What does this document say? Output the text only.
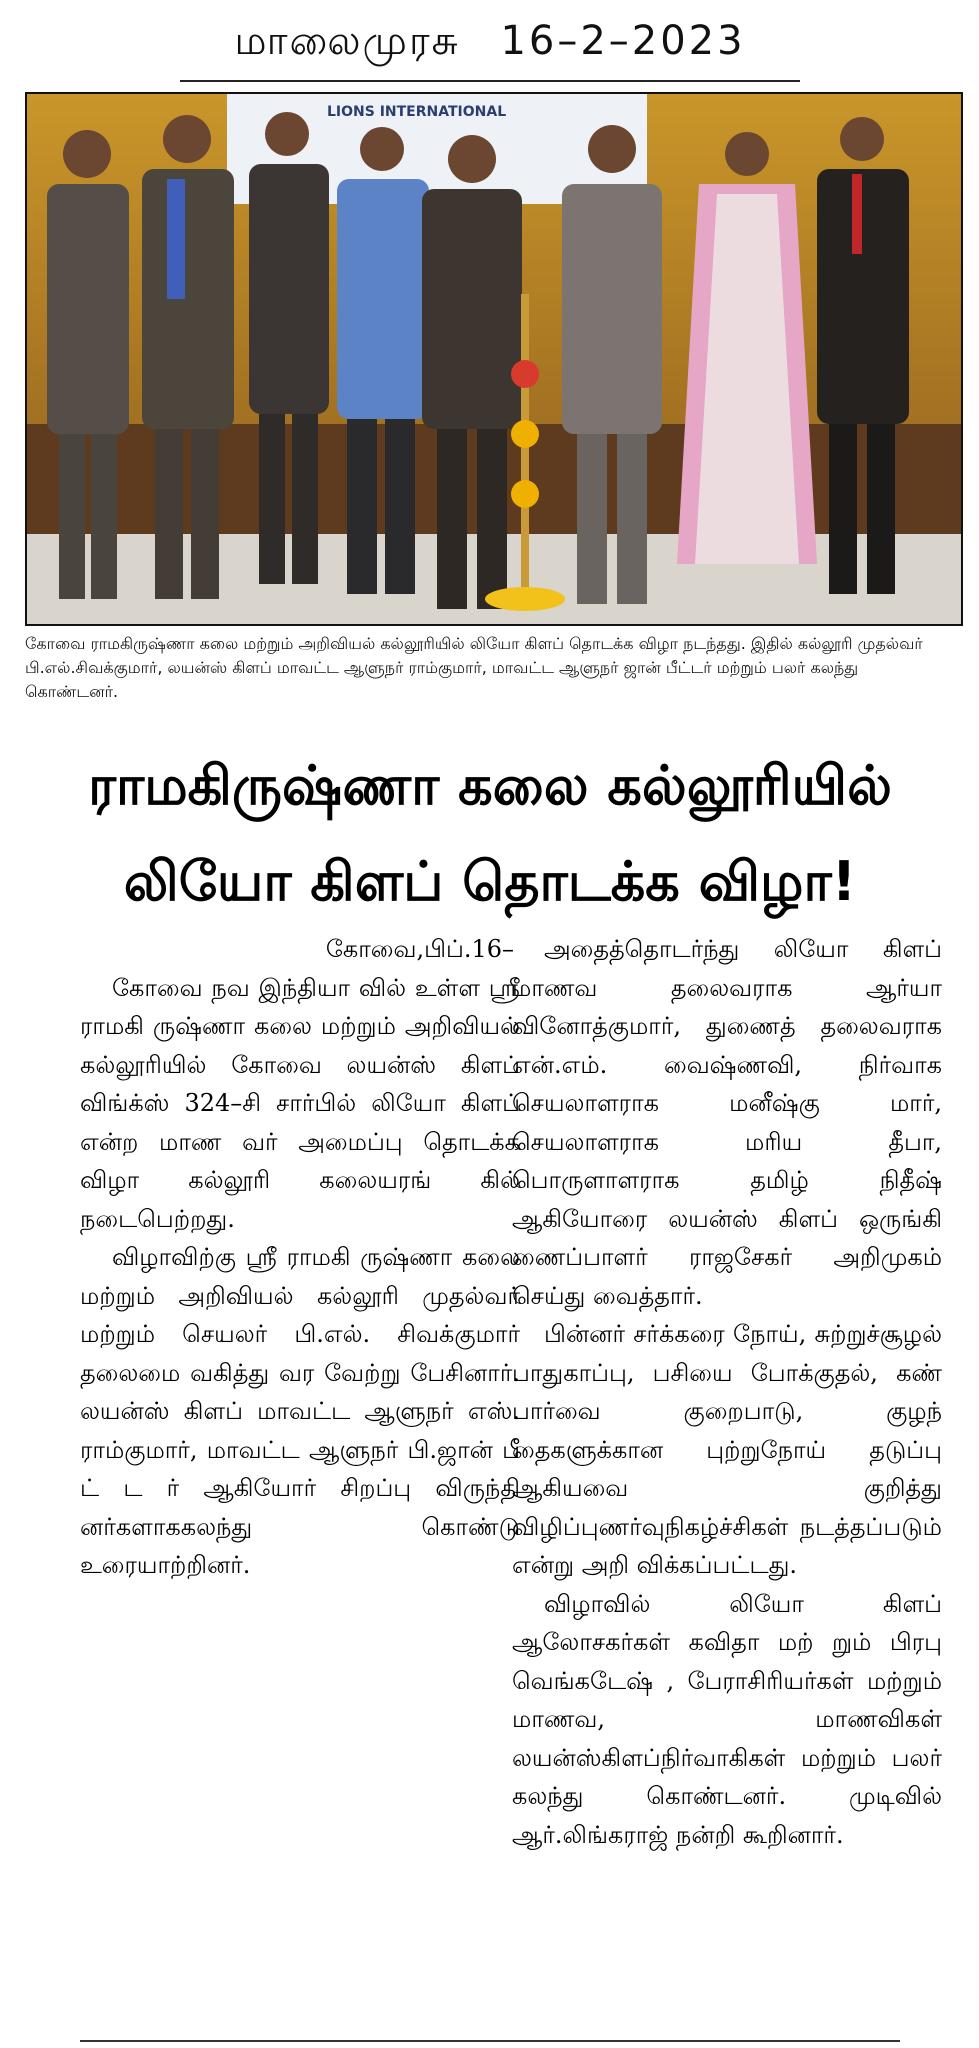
மாலைமுரசு 16–2–2023
LIONS INTERNATIONAL
கோவை ராமகிருஷ்ணா கலை மற்றும் அறிவியல் கல்லூரியில் லியோ கிளப் தொடக்க விழா நடந்தது. இதில் கல்லூரி முதல்வர் பி.எல்.சிவக்குமார், லயன்ஸ் கிளப் மாவட்ட ஆளுநர் ராம்குமார், மாவட்ட ஆளுநர் ஜான் பீட்டர் மற்றும் பலர் கலந்து கொண்டனர்.
ராமகிருஷ்ணா கலை கல்லூரியில்
லியோ கிளப் தொடக்க விழா!
கோவை,பிப்.16–

கோவை நவ இந்தியா வில் உள்ள ஸ்ரீ ராமகி ருஷ்ணா கலை மற்றும் அறிவியல் கல்லூரியில் கோவை லயன்ஸ் கிளப் விங்க்ஸ் 324–சி சார்பில் லியோ கிளப் என்ற மாண வர் அமைப்பு தொடக்க விழா கல்லூரி கலையரங் கில் நடைபெற்றது.

விழாவிற்கு ஸ்ரீ ராமகி ருஷ்ணா கலை மற்றும் அறிவியல் கல்லூரி முதல்வர் மற்றும் செயலர் பி.எல். சிவக்குமார் தலைமை வகித்து வர வேற்று பேசினார். லயன்ஸ் கிளப் மாவட்ட ஆளுநர் எஸ். ராம்குமார், மாவட்ட ஆளுநர் பி.ஜான் பீ ட் ட ர் ஆகியோர் சிறப்பு விருந்தி னர்களாககலந்து கொண்டு உரையாற்றினர்.

அதைத்தொடர்ந்து லியோ கிளப் மாணவ தலைவராக ஆர்யா வினோத்குமார், துணைத் தலைவராக என்.எம். வைஷ்ணவி, நிர்வாக செயலாளராக மனீஷ்கு மார், செயலாளராக மரிய தீபா, பொருளாளராக தமிழ் நிதீஷ் ஆகியோரை லயன்ஸ் கிளப் ஒருங்கி ணைப்பாளர் ராஜசேகர் அறிமுகம் செய்து வைத்தார்.

பின்னர் சர்க்கரை நோய், சுற்றுச்சூழல் பாதுகாப்பு, பசியை போக்குதல், கண் பார்வை குறைபாடு, குழந் தைகளுக்கான புற்றுநோய் தடுப்பு ஆகியவை குறித்து விழிப்புணர்வுநிகழ்ச்சிகள் நடத்தப்படும் என்று அறி விக்கப்பட்டது.

விழாவில் லியோ கிளப் ஆலோசகர்கள் கவிதா மற் றும் பிரபு வெங்கடேஷ் , பேராசிரியர்கள் மற்றும் மாணவ, மாணவிகள் லயன்ஸ்கிளப்நிர்வாகிகள் மற்றும் பலர் கலந்து கொண்டனர். முடிவில் ஆர்.லிங்கராஜ் நன்றி கூறினார்.
